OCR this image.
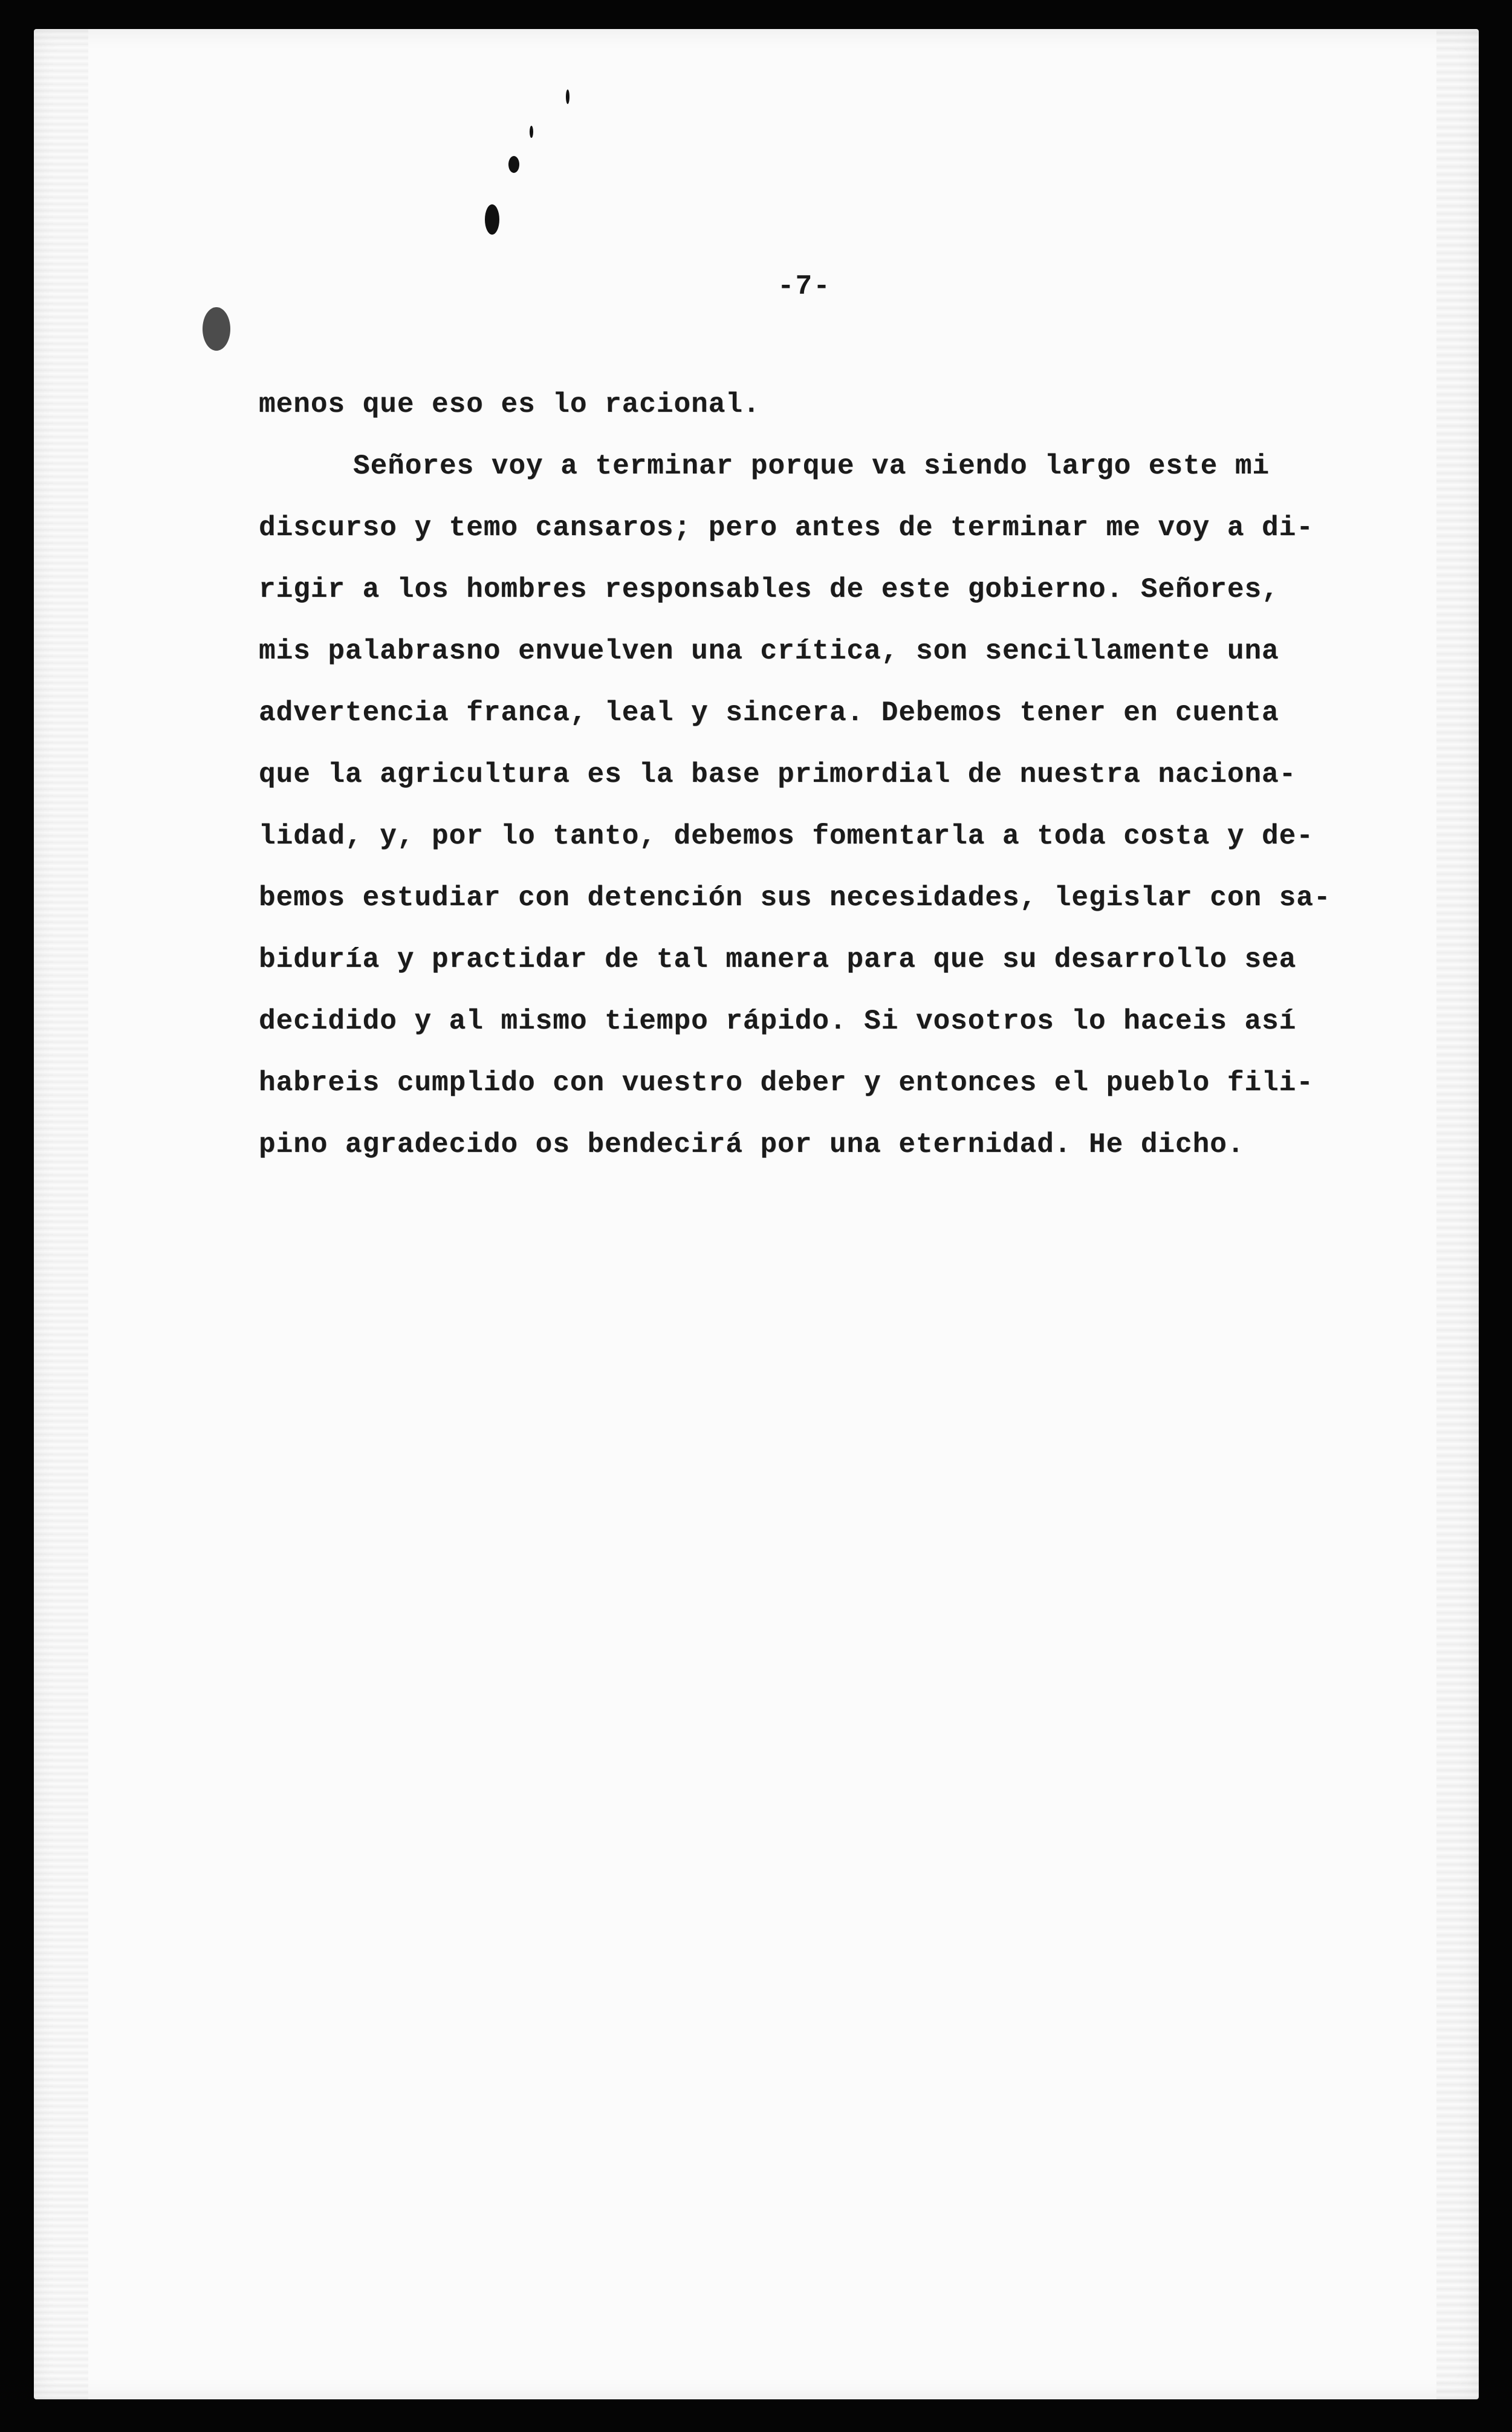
-7-
menos que eso es lo racional.
Señores voy a terminar porque va siendo largo este mi
discurso y temo cansaros; pero antes de terminar me voy a di-
rigir a los hombres responsables de este gobierno. Señores,
mis palabrasno envuelven una crítica, son sencillamente una
advertencia franca, leal y sincera. Debemos tener en cuenta
que la agricultura es la base primordial de nuestra naciona-
lidad, y, por lo tanto, debemos fomentarla a toda costa y de-
bemos estudiar con detención sus necesidades, legislar con sa-
biduría y practidar de tal manera para que su desarrollo sea
decidido y al mismo tiempo rápido. Si vosotros lo haceis así
habreis cumplido con vuestro deber y entonces el pueblo fili-
pino agradecido os bendecirá por una eternidad. He dicho.
